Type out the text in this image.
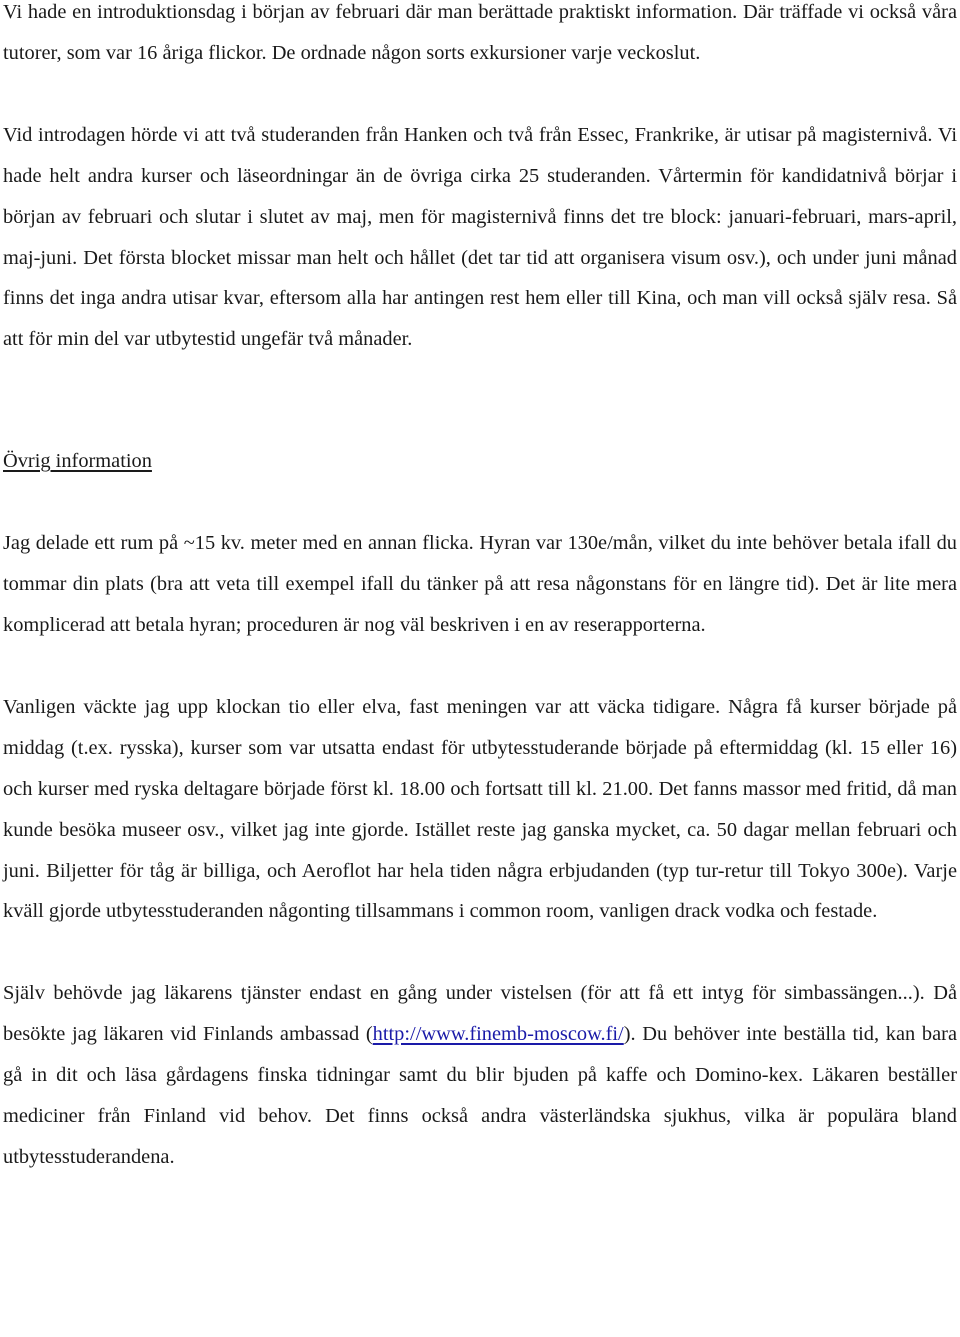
Vi hade en introduktionsdag i början av februari där man berättade praktiskt information. Där träffade vi också våra tutorer, som var 16 åriga flickor. De ordnade någon sorts exkursioner varje veckoslut.

Vid introdagen hörde vi att två studeranden från Hanken och två från Essec, Frankrike, är utisar på magisternivå. Vi hade helt andra kurser och läseordningar än de övriga cirka 25 studeranden. Vårtermin för kandidatnivå börjar i början av februari och slutar i slutet av maj, men för magisternivå finns det tre block: januari-februari, mars-april, maj-juni. Det första blocket missar man helt och hållet (det tar tid att organisera visum osv.), och under juni månad finns det inga andra utisar kvar, eftersom alla har antingen rest hem eller till Kina, och man vill också själv resa. Så att för min del var utbytestid ungefär två månader.

Övrig information

Jag delade ett rum på ~15 kv. meter med en annan flicka. Hyran var 130e/mån, vilket du inte behöver betala ifall du tommar din plats (bra att veta till exempel ifall du tänker på att resa någonstans för en längre tid). Det är lite mera komplicerad att betala hyran; proceduren är nog väl beskriven i en av reserapporterna.

Vanligen väckte jag upp klockan tio eller elva, fast meningen var att väcka tidigare. Några få kurser började på middag (t.ex. rysska), kurser som var utsatta endast för utbytesstuderande började på eftermiddag (kl. 15 eller 16) och kurser med ryska deltagare började först kl. 18.00 och fortsatt till kl. 21.00. Det fanns massor med fritid, då man kunde besöka museer osv., vilket jag inte gjorde. Istället reste jag ganska mycket, ca. 50 dagar mellan februari och juni. Biljetter för tåg är billiga, och Aeroflot har hela tiden några erbjudanden (typ tur-retur till Tokyo 300e). Varje kväll gjorde utbytesstuderanden någonting tillsammans i common room, vanligen drack vodka och festade.

Själv behövde jag läkarens tjänster endast en gång under vistelsen (för att få ett intyg för simbassängen...). Då besökte jag läkaren vid Finlands ambassad (http://www.finemb-moscow.fi/). Du behöver inte beställa tid, kan bara gå in dit och läsa gårdagens finska tidningar samt du blir bjuden på kaffe och Domino-kex. Läkaren beställer mediciner från Finland vid behov. Det finns också andra västerländska sjukhus, vilka är populära bland utbytesstuderandena.
